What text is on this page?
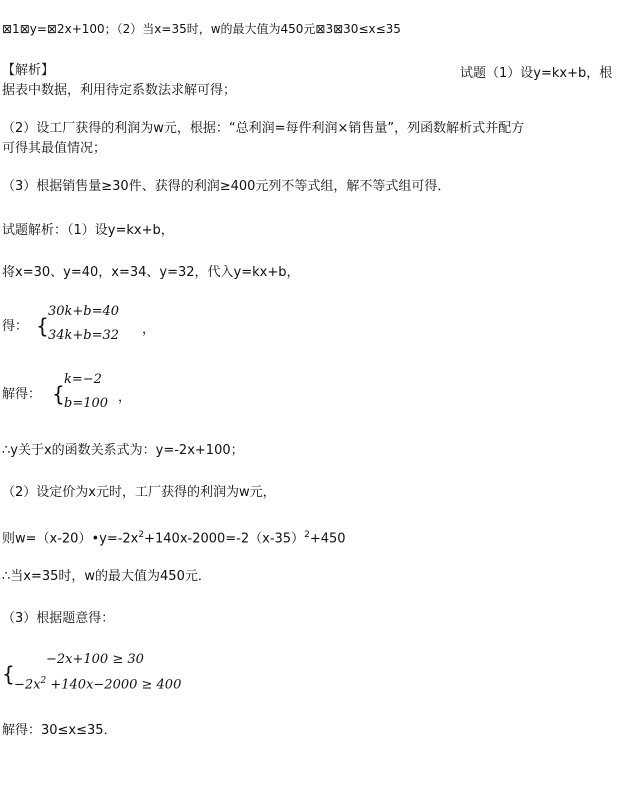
⊠1⊠y=⊠2x+100；（2）当x=35时，w的最大值为450元⊠3⊠30≤x≤35
【解析】	试题（1）设y=kx+b，根
据表中数据，利用待定系数法求解可得；
（2）设工厂获得的利润为w元，根据：“总利润=每件利润×销售量”，列函数解析式并配方
可得其最值情况；
（3）根据销售量≥30件、获得的利润≥400元列不等式组，解不等式组可得．
试题解析：（1）设y=kx+b，
将x=30、y=40，x=34、y=32，代入y=kx+b，
得： {
30k+b=40
34k+b=32 ，
解得： {
k=−2
b=100 ，
∴y关于x的函数关系式为：y=-2x+100；
（2）设定价为x元时，工厂获得的利润为w元，
则$w=(x-20)•y=-2x^2+140x-2000=-2(x-35)^2+450$
∴当x=35时，w的最大值为450元．
（3）根据题意得：
{
−2x+100 ≥ 30
$-2x^2 +140x-2000 \ge 400$
解得：30≤x≤35．
